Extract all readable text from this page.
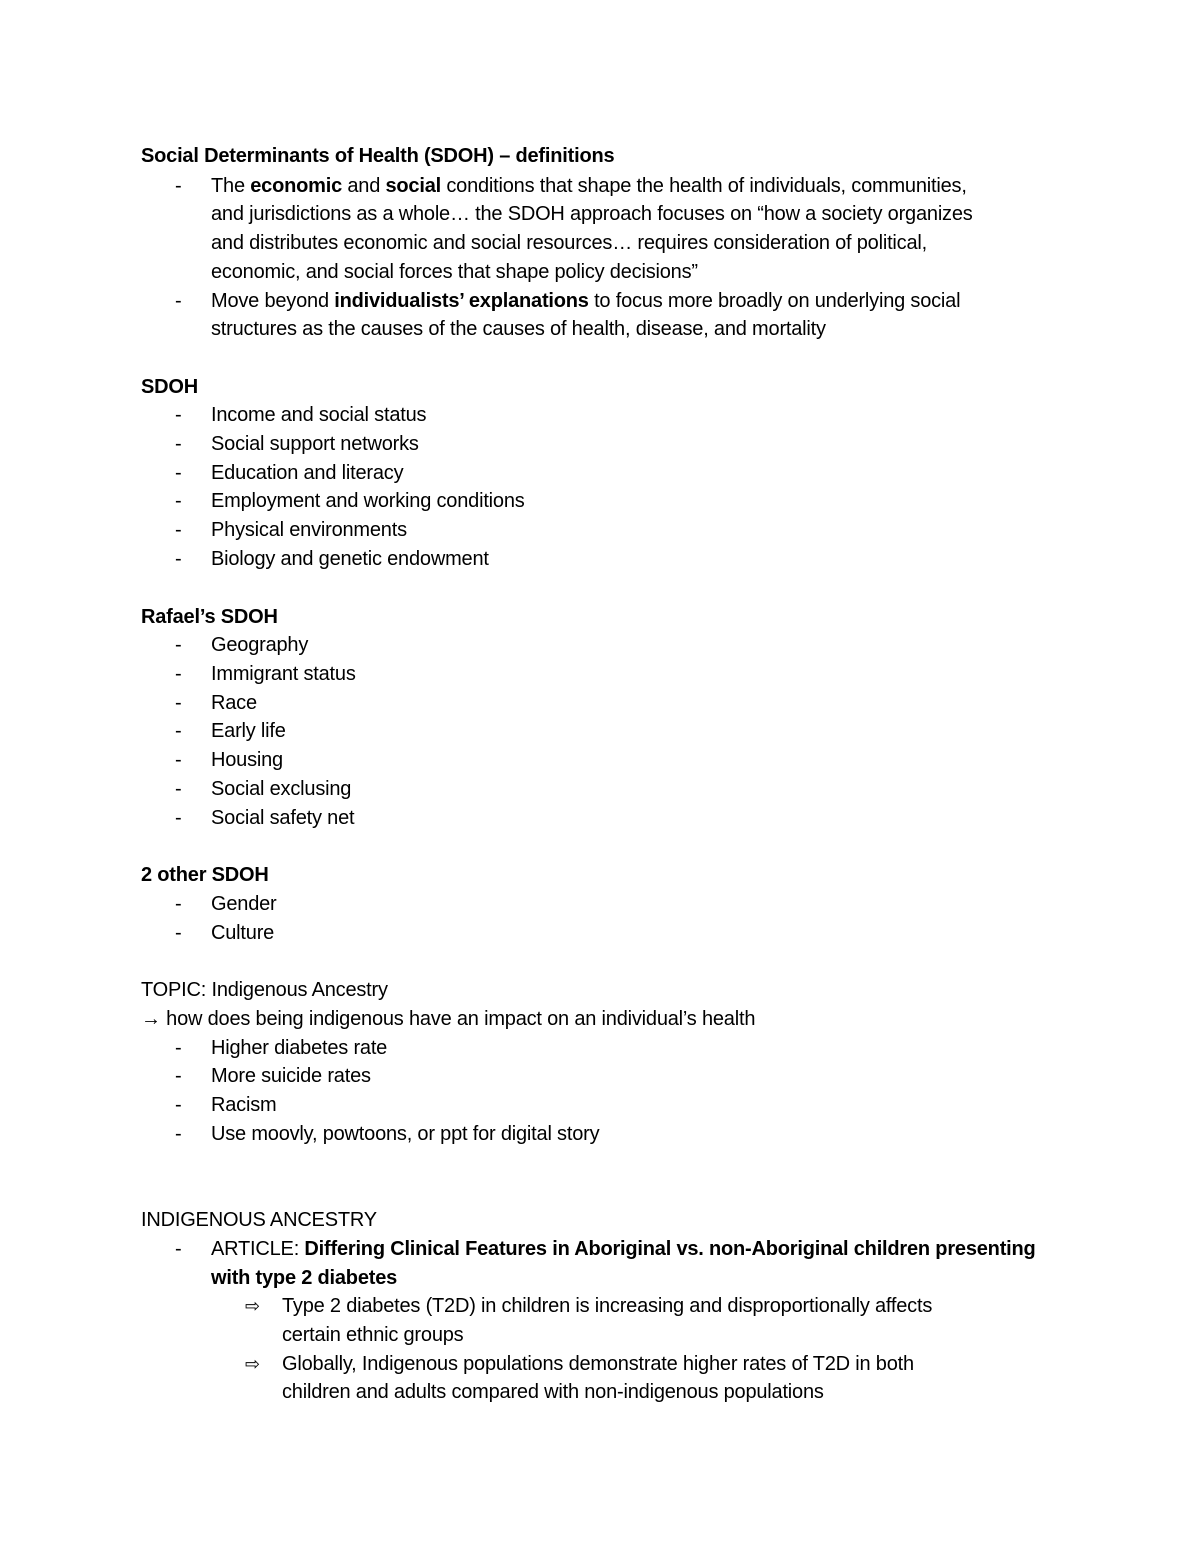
Social Determinants of Health (SDOH) – definitions
- The economic and social conditions that shape the health of individuals, communities,
and jurisdictions as a whole… the SDOH approach focuses on “how a society organizes
and distributes economic and social resources… requires consideration of political,
economic, and social forces that shape policy decisions”
- Move beyond individualists’ explanations to focus more broadly on underlying social
structures as the causes of the causes of health, disease, and mortality
SDOH
- Income and social status
- Social support networks
- Education and literacy
- Employment and working conditions
- Physical environments
- Biology and genetic endowment
Rafael’s SDOH
- Geography
- Immigrant status
- Race
- Early life
- Housing
- Social exclusing
- Social safety net
2 other SDOH
- Gender
- Culture
TOPIC: Indigenous Ancestry
→ how does being indigenous have an impact on an individual’s health
- Higher diabetes rate
- More suicide rates
- Racism
- Use moovly, powtoons, or ppt for digital story
INDIGENOUS ANCESTRY
- ARTICLE: Differing Clinical Features in Aboriginal vs. non-Aboriginal children presenting
with type 2 diabetes
⇨ Type 2 diabetes (T2D) in children is increasing and disproportionally affects
certain ethnic groups
⇨ Globally, Indigenous populations demonstrate higher rates of T2D in both
children and adults compared with non-indigenous populations
